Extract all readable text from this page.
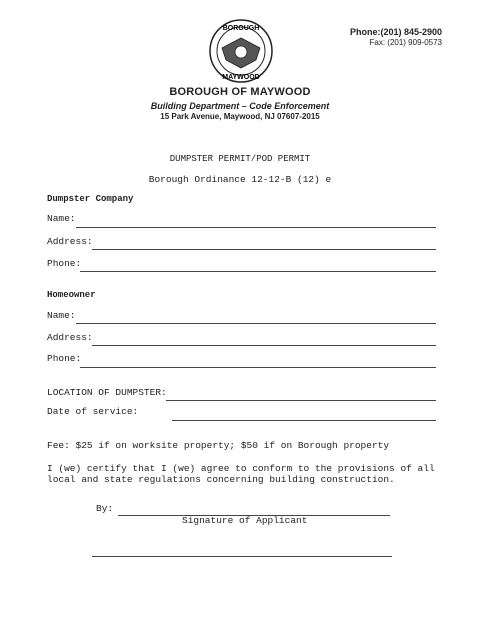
BOROUGH
MAYWOOD
Phone:(201) 845-2900
Fax: (201) 909-0573
BOROUGH OF MAYWOOD
Building Department – Code Enforcement
15 Park Avenue, Maywood, NJ 07607-2015
DUMPSTER PERMIT/POD PERMIT
Borough Ordinance 12-12-B (12) e
Dumpster Company
Name:
Address:
Phone:
Homeowner
Name:
Address:
Phone:
LOCATION OF DUMPSTER:
Date of service:
Fee: $25 if on worksite property; $50 if on Borough property
I (we) certify that I (we) agree to conform to the provisions of all
local and state regulations concerning building construction.
By:
Signature of Applicant
